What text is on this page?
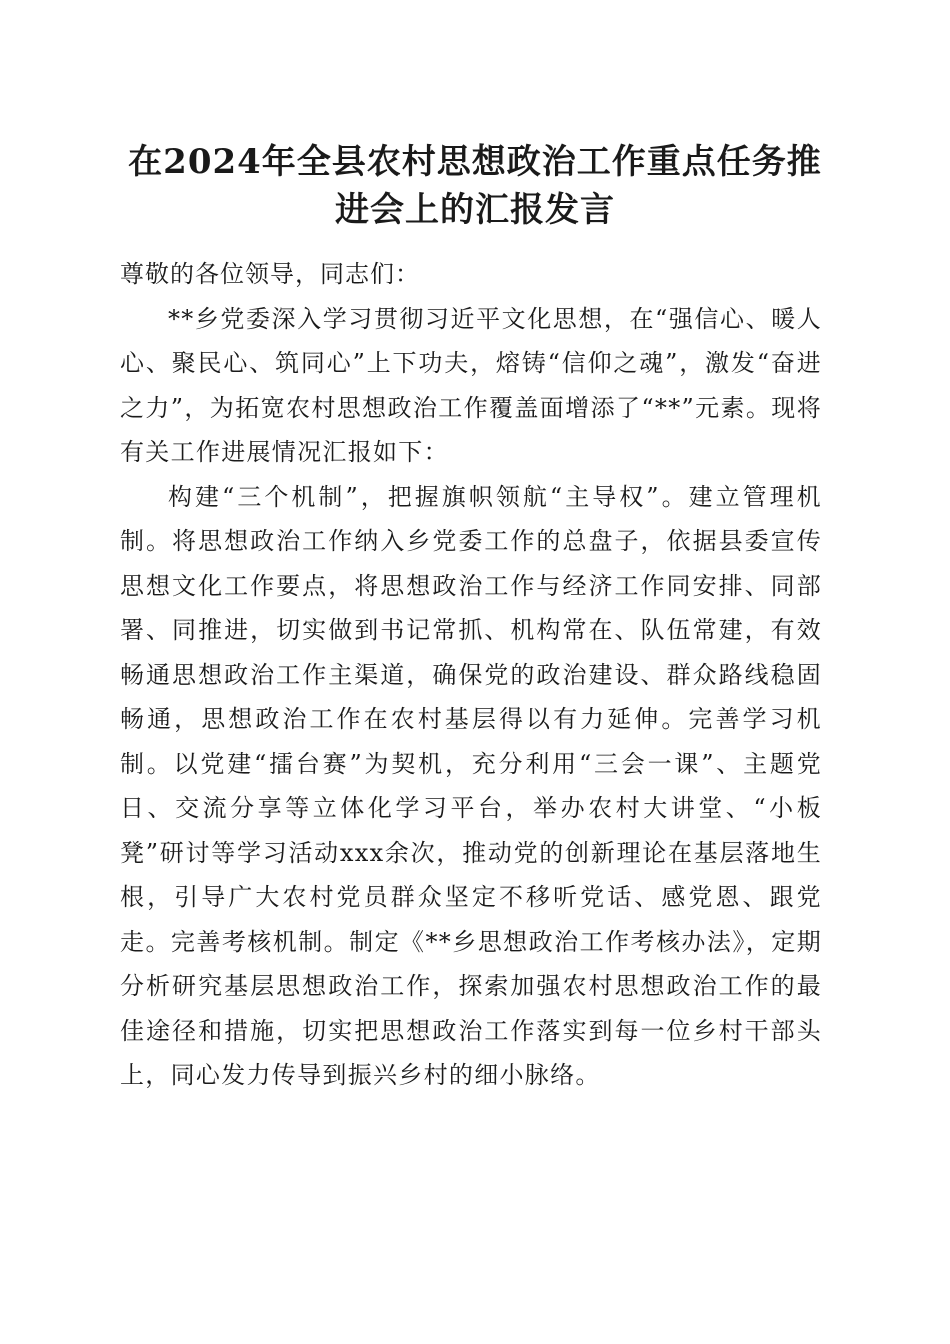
在2024年全县农村思想政治工作重点任务推
进会上的汇报发言

尊敬的各位领导，同志们：

**乡党委深入学习贯彻习近平文化思想，在“强信心、暖人心、聚民心、筑同心”上下功夫，熔铸“信仰之魂”，激发“奋进之力”，为拓宽农村思想政治工作覆盖面增添了“**”元素。现将有关工作进展情况汇报如下：

构建“三个机制”，把握旗帜领航“主导权”。建立管理机制。将思想政治工作纳入乡党委工作的总盘子，依据县委宣传思想文化工作要点，将思想政治工作与经济工作同安排、同部署、同推进，切实做到书记常抓、机构常在、队伍常建，有效畅通思想政治工作主渠道，确保党的政治建设、群众路线稳固畅通，思想政治工作在农村基层得以有力延伸。完善学习机制。以党建“擂台赛”为契机，充分利用“三会一课”、主题党日、交流分享等立体化学习平台，举办农村大讲堂、“小板凳”研讨等学习活动xxx余次，推动党的创新理论在基层落地生根，引导广大农村党员群众坚定不移听党话、感党恩、跟党走。完善考核机制。制定《**乡思想政治工作考核办法》，定期分析研究基层思想政治工作，探索加强农村思想政治工作的最佳途径和措施，切实把思想政治工作落实到每一位乡村干部头上，同心发力传导到振兴乡村的细小脉络。
